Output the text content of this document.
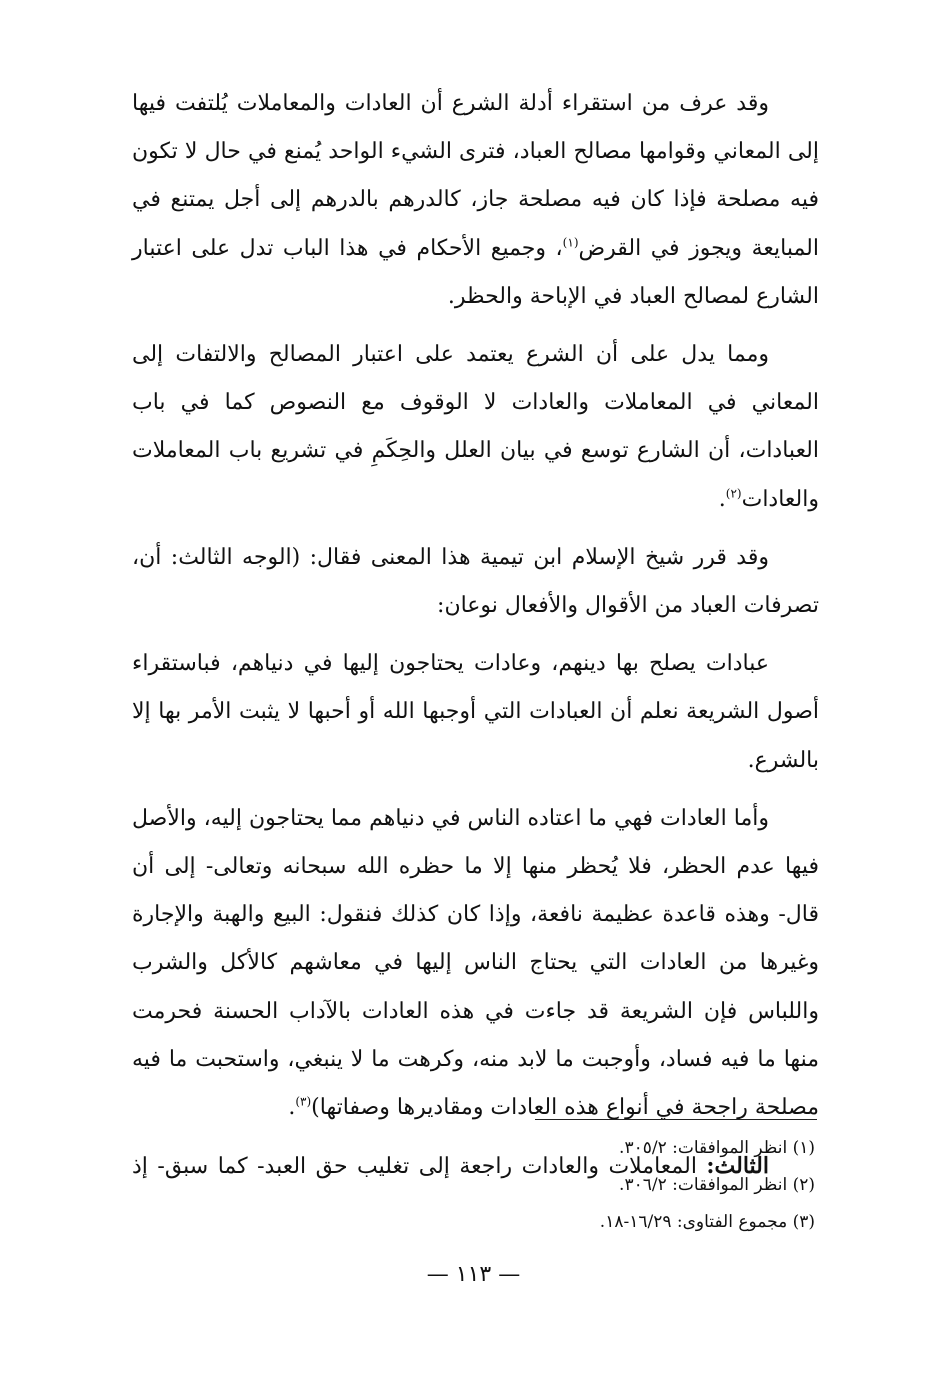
وقد عرف من استقراء أدلة الشرع أن العادات والمعاملات يُلتفت فيها إلى المعاني وقوامها مصالح العباد، فترى الشيء الواحد يُمنع في حال لا تكون فيه مصلحة فإذا كان فيه مصلحة جاز، كالدرهم بالدرهم إلى أجل يمتنع في المبايعة ويجوز في القرض$^{(١)}$، وجميع الأحكام في هذا الباب تدل على اعتبار الشارع لمصالح العباد في الإباحة والحظر.

ومما يدل على أن الشرع يعتمد على اعتبار المصالح والالتفات إلى المعاني في المعاملات والعادات لا الوقوف مع النصوص كما في باب العبادات، أن الشارع توسع في بيان العلل والحِكَمِ في تشريع باب المعاملات والعادات$^{(٢)}$.

وقد قرر شيخ الإسلام ابن تيمية هذا المعنى فقال: (الوجه الثالث: أن، تصرفات العباد من الأقوال والأفعال نوعان:

عبادات يصلح بها دينهم، وعادات يحتاجون إليها في دنياهم، فباستقراء أصول الشريعة نعلم أن العبادات التي أوجبها الله أو أحبها لا يثبت الأمر بها إلا بالشرع.

وأما العادات فهي ما اعتاده الناس في دنياهم مما يحتاجون إليه، والأصل فيها عدم الحظر، فلا يُحظر منها إلا ما حظره الله سبحانه وتعالى- إلى أن قال- وهذه قاعدة عظيمة نافعة، وإذا كان كذلك فنقول: البيع والهبة والإجارة وغيرها من العادات التي يحتاج الناس إليها في معاشهم كالأكل والشرب واللباس فإن الشريعة قد جاءت في هذه العادات بالآداب الحسنة فحرمت منها ما فيه فساد، وأوجبت ما لابد منه، وكرهت ما لا ينبغي، واستحبت ما فيه مصلحة راجحة في أنواع هذه العادات ومقاديرها وصفاتها)$^{(٣)}$.

الثالث: المعاملات والعادات راجعة إلى تغليب حق العبد- كما سبق- إذ

(١) انظر الموافقات: ٣٠٥/٢.

(٢) انظر الموافقات: ٣٠٦/٢.

(٣) مجموع الفتاوى: ١٦/٢٩-١٨.

— ١١٣ —
